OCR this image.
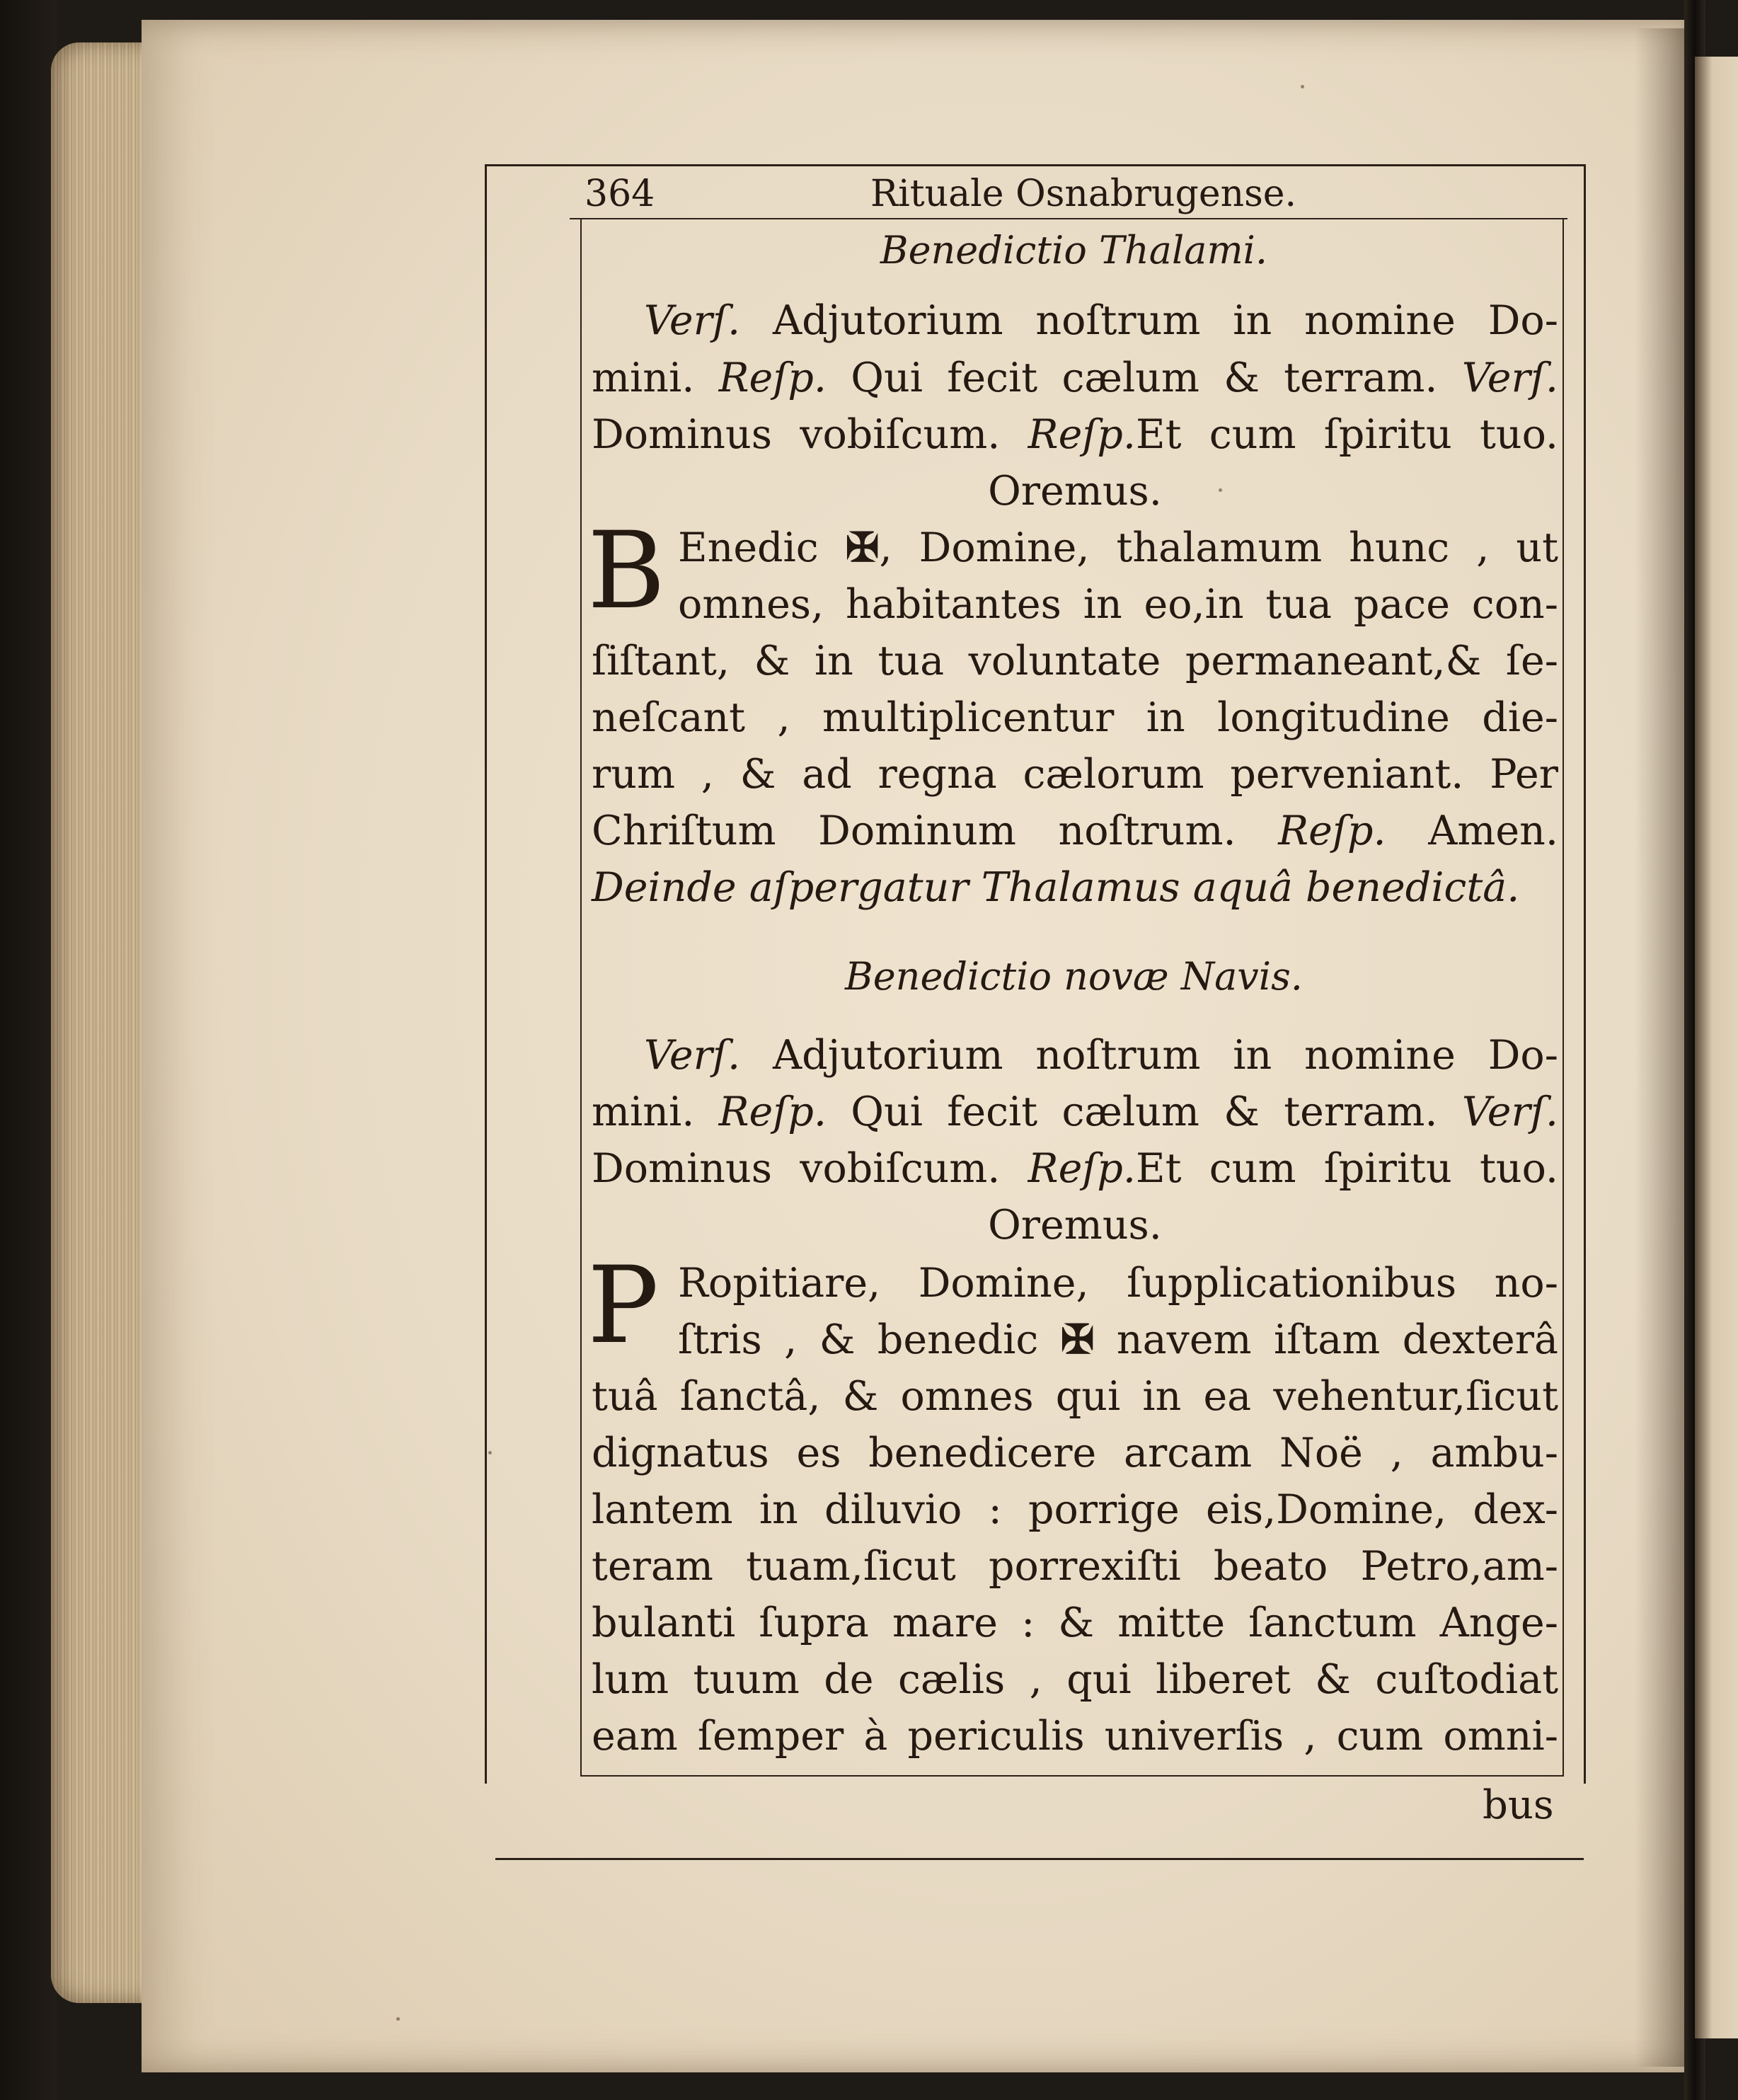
364	Rituale Osnabrugense.
Benedictio Thalami.
Verſ. Adjutorium noſtrum in nomine Do-
mini. Reſp. Qui fecit cælum & terram. Verſ.
Dominus vobiſcum. Reſp.Et cum ſpiritu tuo.
Oremus.
B Enedic ✠, Domine, thalamum hunc , ut
omnes, habitantes in eo,in tua pace con-
ſiſtant, & in tua voluntate permaneant,& ſe-
neſcant , multiplicentur in longitudine die-
rum , & ad regna cælorum perveniant. Per
Chriſtum Dominum noſtrum. Reſp. Amen.
Deinde aſpergatur Thalamus aquâ benedictâ.
Benedictio novæ Navis.
Verſ. Adjutorium noſtrum in nomine Do-
mini. Reſp. Qui fecit cælum & terram. Verſ.
Dominus vobiſcum. Reſp.Et cum ſpiritu tuo.
Oremus.
P Ropitiare, Domine, ſupplicationibus no-
ſtris , & benedic ✠ navem iſtam dexterâ
tuâ ſanctâ, & omnes qui in ea vehentur,ſicut
dignatus es benedicere arcam Noë , ambu-
lantem in diluvio : porrige eis,Domine, dex-
teram tuam,ſicut porrexiſti beato Petro,am-
bulanti ſupra mare : & mitte ſanctum Ange-
lum tuum de cælis , qui liberet & cuſtodiat
eam ſemper à periculis univerſis , cum omni-
bus
